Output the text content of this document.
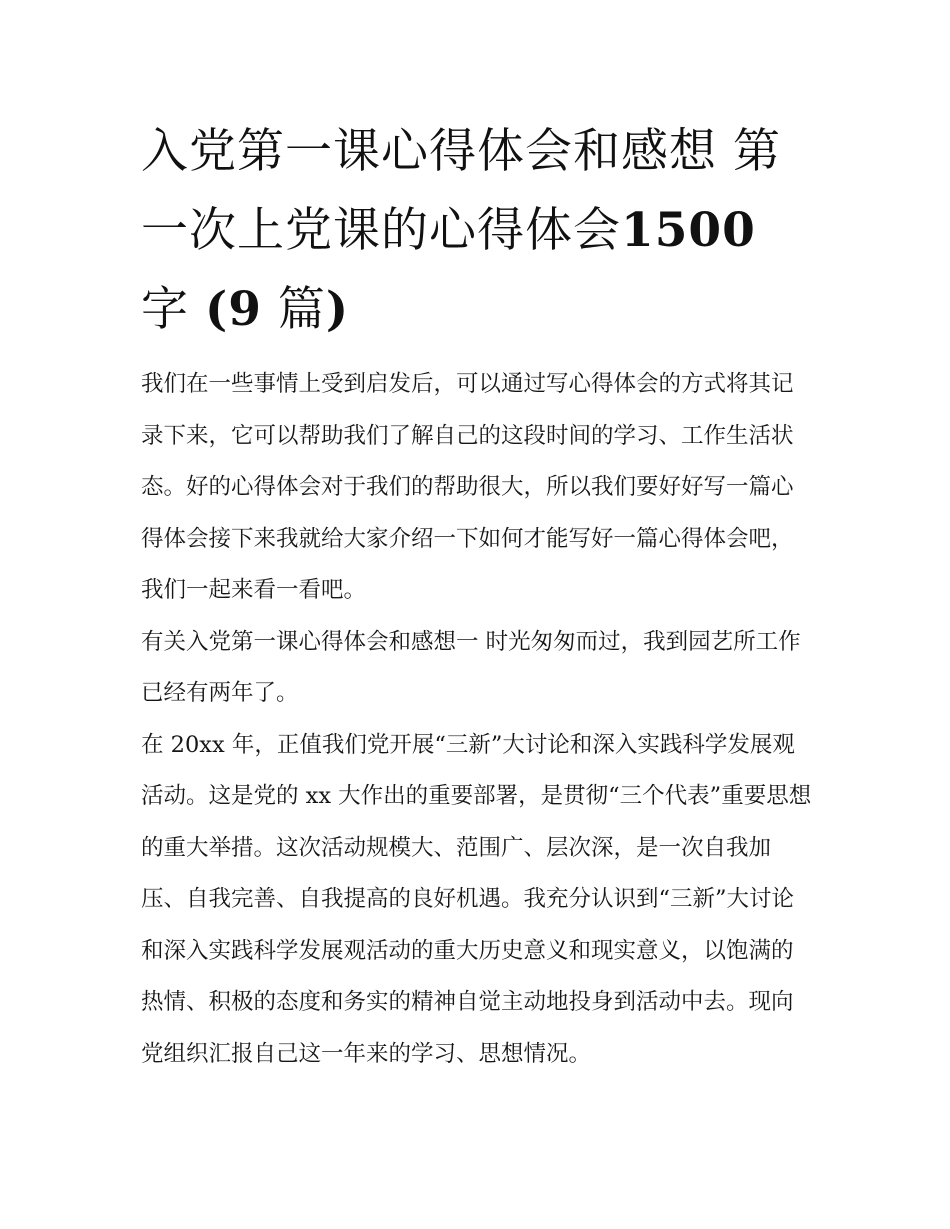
入党第一课心得体会和感想 第一次上党课的心得体会1500 字 (9 篇)

我们在一些事情上受到启发后，可以通过写心得体会的方式将其记录下来，它可以帮助我们了解自己的这段时间的学习、工作生活状态。好的心得体会对于我们的帮助很大，所以我们要好好写一篇心得体会接下来我就给大家介绍一下如何才能写好一篇心得体会吧，我们一起来看一看吧。

有关入党第一课心得体会和感想一 时光匆匆而过，我到园艺所工作已经有两年了。

在 20xx 年，正值我们党开展“三新”大讨论和深入实践科学发展观活动。这是党的 xx 大作出的重要部署，是贯彻“三个代表”重要思想的重大举措。这次活动规模大、范围广、层次深，是一次自我加压、自我完善、自我提高的良好机遇。我充分认识到“三新”大讨论和深入实践科学发展观活动的重大历史意义和现实意义，以饱满的热情、积极的态度和务实的精神自觉主动地投身到活动中去。现向党组织汇报自己这一年来的学习、思想情况。
